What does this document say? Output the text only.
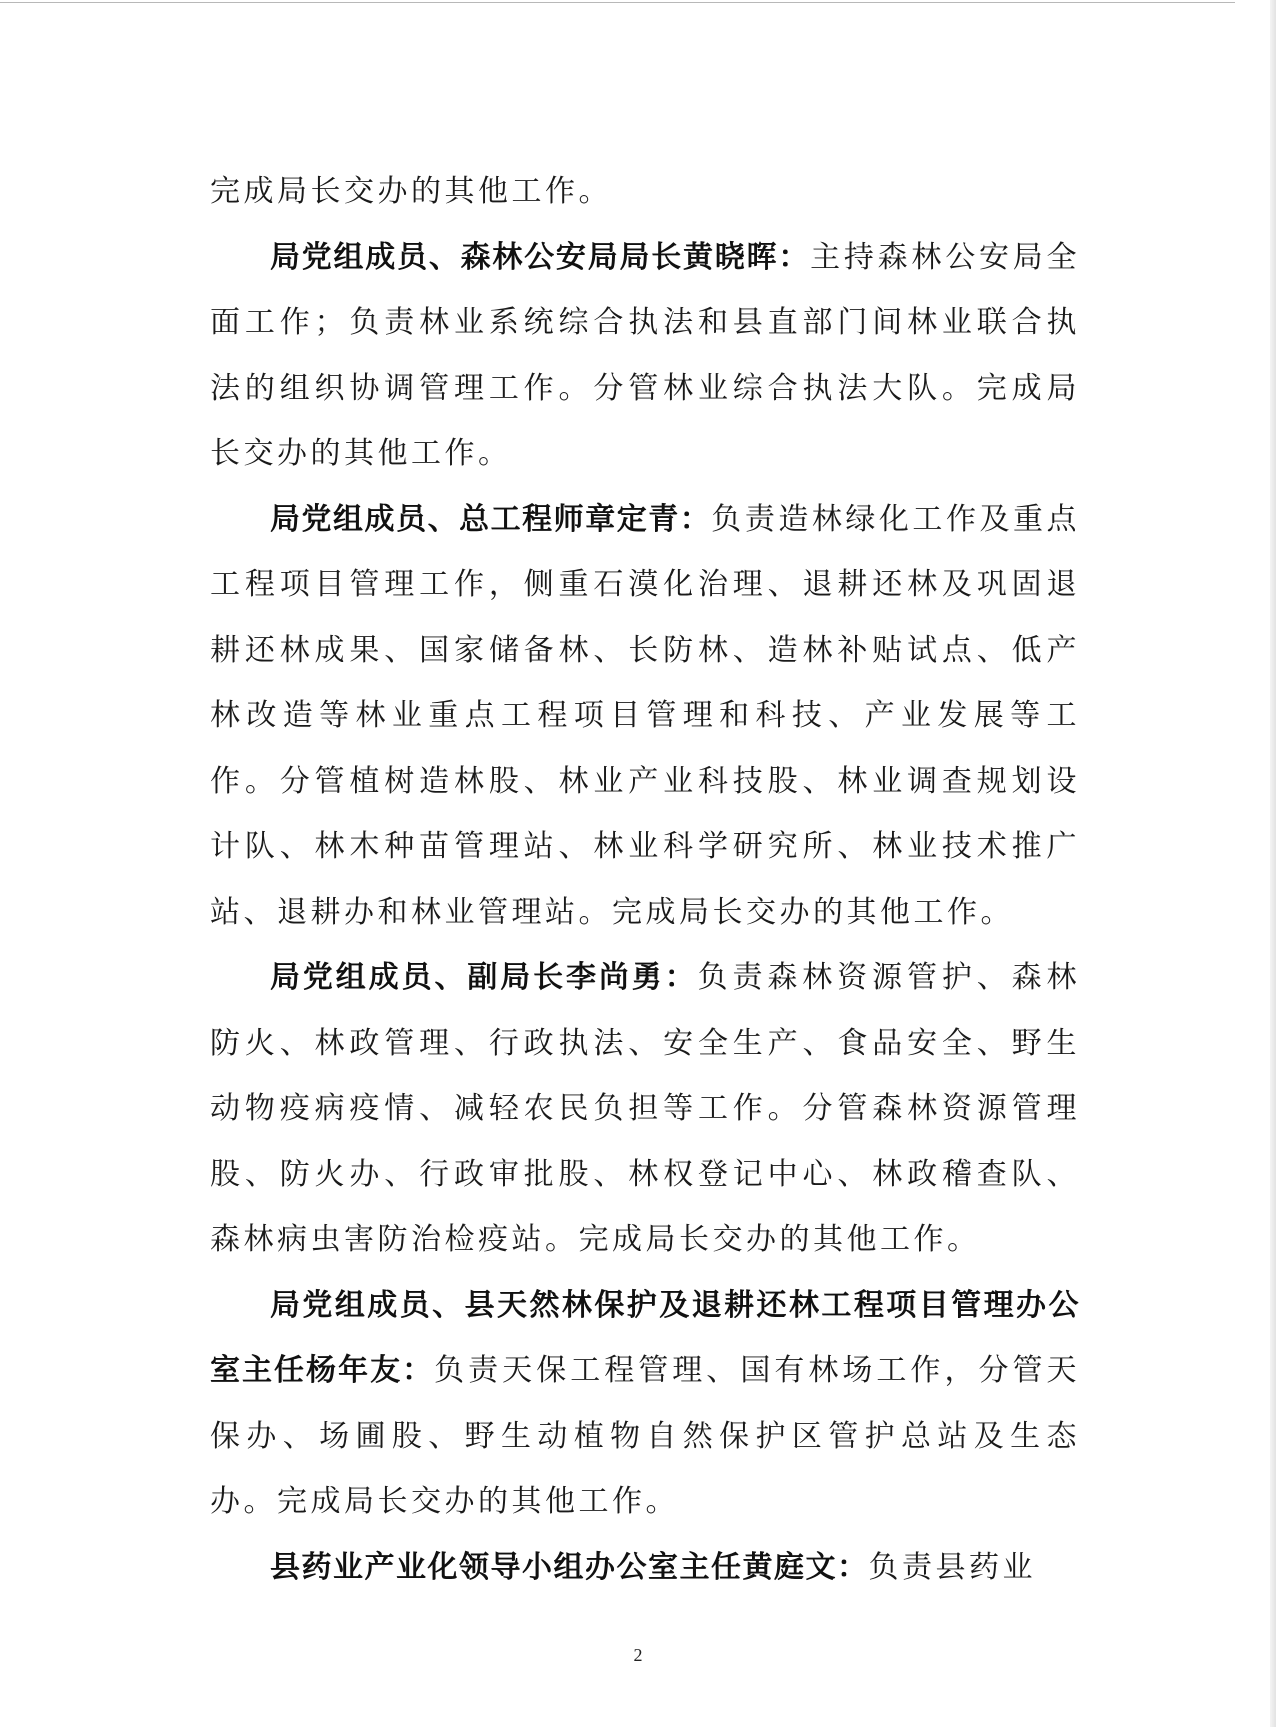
完成局长交办的其他工作。

局党组成员、森林公安局局长黄晓晖：主持森林公安局全面工作；负责林业系统综合执法和县直部门间林业联合执法的组织协调管理工作。分管林业综合执法大队。完成局长交办的其他工作。

局党组成员、总工程师章定青：负责造林绿化工作及重点工程项目管理工作，侧重石漠化治理、退耕还林及巩固退耕还林成果、国家储备林、长防林、造林补贴试点、低产林改造等林业重点工程项目管理和科技、产业发展等工作。分管植树造林股、林业产业科技股、林业调查规划设计队、林木种苗管理站、林业科学研究所、林业技术推广站、退耕办和林业管理站。完成局长交办的其他工作。

局党组成员、副局长李尚勇：负责森林资源管护、森林防火、林政管理、行政执法、安全生产、食品安全、野生动物疫病疫情、减轻农民负担等工作。分管森林资源管理股、防火办、行政审批股、林权登记中心、林政稽查队、森林病虫害防治检疫站。完成局长交办的其他工作。

局党组成员、县天然林保护及退耕还林工程项目管理办公室主任杨年友：负责天保工程管理、国有林场工作，分管天保办、场圃股、野生动植物自然保护区管护总站及生态办。完成局长交办的其他工作。

县药业产业化领导小组办公室主任黄庭文：负责县药业

2
